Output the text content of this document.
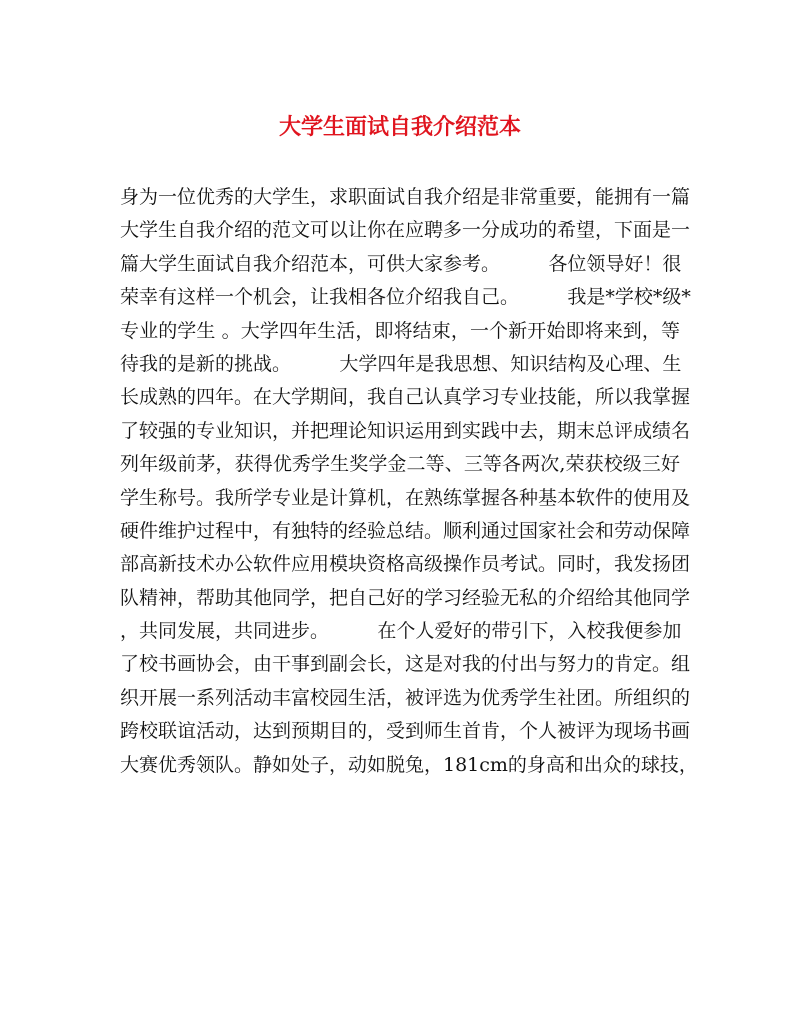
大学生面试自我介绍范本
身为一位优秀的大学生，求职面试自我介绍是非常重要，能拥有一篇
大学生自我介绍的范文可以让你在应聘多一分成功的希望，下面是一
篇大学生面试自我介绍范本，可供大家参考。        各位领导好！很
荣幸有这样一个机会，让我相各位介绍我自己。        我是*学校*级*
专业的学生 。大学四年生活，即将结束，一个新开始即将来到，等
待我的是新的挑战。        大学四年是我思想、知识结构及心理、生
长成熟的四年。在大学期间，我自己认真学习专业技能，所以我掌握
了较强的专业知识，并把理论知识运用到实践中去，期末总评成绩名
列年级前茅，获得优秀学生奖学金二等、三等各两次,荣获校级三好
学生称号。我所学专业是计算机，在熟练掌握各种基本软件的使用及
硬件维护过程中，有独特的经验总结。顺利通过国家社会和劳动保障
部高新技术办公软件应用模块资格高级操作员考试。同时，我发扬团
队精神，帮助其他同学，把自己好的学习经验无私的介绍给其他同学
，共同发展，共同进步。        在个人爱好的带引下，入校我便参加
了校书画协会，由干事到副会长，这是对我的付出与努力的肯定。组
织开展一系列活动丰富校园生活，被评选为优秀学生社团。所组织的
跨校联谊活动，达到预期目的，受到师生首肯，个人被评为现场书画
大赛优秀领队。静如处子，动如脱兔，181cm的身高和出众的球技，
